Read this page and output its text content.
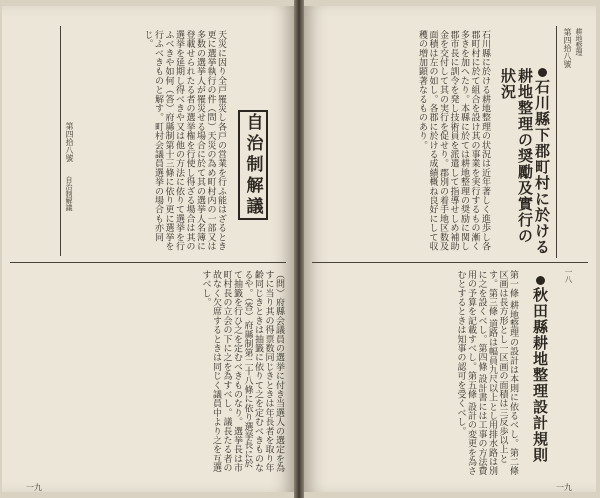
第四拾八號
自治制解議	天災に因り全戸罹災し各戸の営業を行ふ能はざるとき更に選挙執行の件（問）天災の為め町村内の一部又は多数の選挙人が罹災せる場合に於て其の選挙人名簿に登載せられたる者の選挙権を行使し得ざる場合は其の選挙を延期し得べきや又は他の方法に依りて選挙を行ふべきや如何（答）府縣制第十三條に依り更に選挙を行ふべきものと解す。町村会議員選挙の場合も亦同じ。
自治制解議
（問）府縣会議員の選挙に付き当選人の選定を為すに当り其の得票数同じきときは年長者を取り年齢同じきときは抽籤に依りて之を定むべきものなるや。（答）府縣制第二十八條に依り選挙長に於て抽籤を行ひ之を定むべきものなり。選挙長は市町村長の立会の下に之を為すべし。議長たる者の故なく欠席するときは同じく議員中より之を互選すべし。
一九
第四拾八號 耕地整理
石川縣下郡町村に於ける耕地整理の奨勵及實行の狀況
石川縣に於ける耕地整理の状況は近年著しく進歩し各郡町村に於て組合を設け其の事業を実行するもの漸く多きを加へたり。本縣に於ては耕地整理の奨励に関し郡市長に訓令を発し技術員を派遣して指導せしめ補助金を交付して其の実行を促せり。郡別の着手地区数及面積は左の如し。各郡に於ける成績概ね良好にして収穫の増加顕著なるものあり。
一八
秋田縣耕地整理設計規則
第一條 耕地整理の設計は本則に依るべし。第二條 区画は長方形とし一区画の面積は三反歩以上とす。第三條 道路は幅員九尺以上とし用排水路は別に之を設くべし。第四條 設計書には工事の方法費用の予算を記載すべし。第五條 設計の変更を為さむとするときは知事の認可を受くべし。
一九
